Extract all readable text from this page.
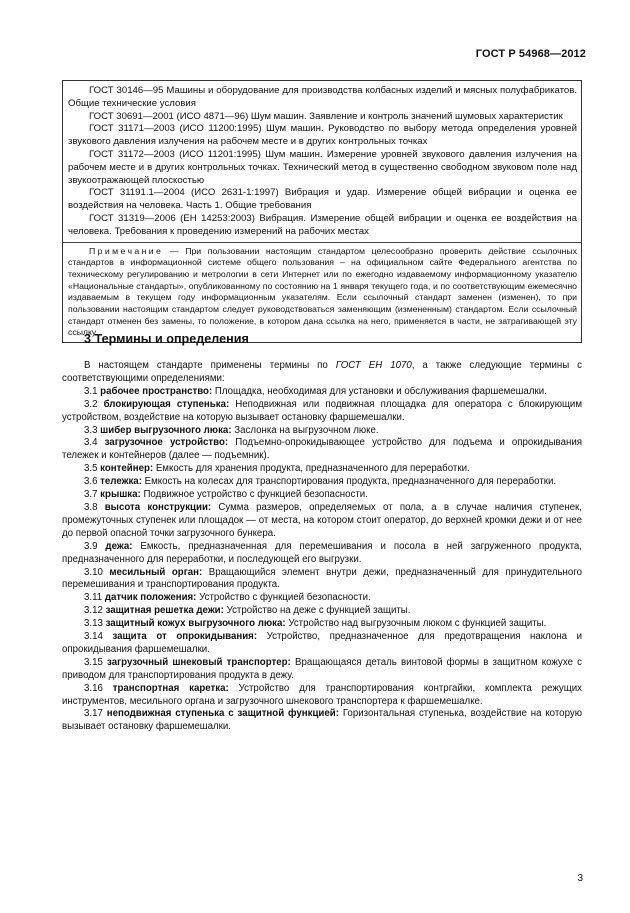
ГОСТ Р 54968—2012

ГОСТ 30146—95 Машины и оборудование для производства колбасных изделий и мясных полуфабрикатов. Общие технические условия

ГОСТ 30691—2001 (ИСО 4871—96) Шум машин. Заявление и контроль значений шумовых характеристик

ГОСТ 31171—2003 (ИСО 11200:1995) Шум машин. Руководство по выбору метода определения уровней звукового давления излучения на рабочем месте и в других контрольных точках

ГОСТ 31172—2003 (ИСО 11201:1995) Шум машин. Измерение уровней звукового давления излучения на рабочем месте и в других контрольных точках. Технический метод в существенно свободном звуковом поле над звукоотражающей плоскостью

ГОСТ 31191.1—2004 (ИСО 2631-1:1997) Вибрация и удар. Измерение общей вибрации и оценка ее воздействия на человека. Часть 1. Общие требования

ГОСТ 31319—2006 (ЕН 14253:2003) Вибрация. Измерение общей вибрации и оценка ее воздействия на человека. Требования к проведению измерений на рабочих местах

Примечание — При пользовании настоящим стандартом целесообразно проверить действие ссылочных стандартов в информационной системе общего пользования – на официальном сайте Федерального агентства по техническому регулированию и метрологии в сети Интернет или по ежегодно издаваемому информационному указателю «Национальные стандарты», опубликованному по состоянию на 1 января текущего года, и по соответствующим ежемесячно издаваемым в текущем году информационным указателям. Если ссылочный стандарт заменен (изменен), то при пользовании настоящим стандартом следует руководствоваться заменяющим (измененным) стандартом. Если ссылочный стандарт отменен без замены, то положение, в котором дана ссылка на него, применяется в части, не затрагивающей эту ссылку.

3 Термины и определения

В настоящем стандарте применены термины по ГОСТ ЕН 1070, а также следующие термины с соответствующими определениями:

3.1 рабочее пространство: Площадка, необходимая для установки и обслуживания фаршемешалки.

3.2 блокирующая ступенька: Неподвижная или подвижная площадка для оператора с блокирующим устройством, воздействие на которую вызывает остановку фаршемешалки.

3.3 шибер выгрузочного люка: Заслонка на выгрузочном люке.

3.4 загрузочное устройство: Подъемно-опрокидывающее устройство для подъема и опрокидывания тележек и контейнеров (далее — подъемник).

3.5 контейнер: Емкость для хранения продукта, предназначенного для переработки.

3.6 тележка: Емкость на колесах для транспортирования продукта, предназначенного для переработки.

3.7 крышка: Подвижное устройство с функцией безопасности.

3.8 высота конструкции: Сумма размеров, определяемых от пола, а в случае наличия ступенек, промежуточных ступенек или площадок — от места, на котором стоит оператор, до верхней кромки дежи и от нее до первой опасной точки загрузочного бункера.

3.9 дежа: Емкость, предназначенная для перемешивания и посола в ней загруженного продукта, предназначенного для переработки, и последующей его выгрузки.

3.10 месильный орган: Вращающийся элемент внутри дежи, предназначенный для принудительного перемешивания и транспортирования продукта.

3.11 датчик положения: Устройство с функцией безопасности.

3.12 защитная решетка дежи: Устройство на деже с функцией защиты.

3.13 защитный кожух выгрузочного люка: Устройство над выгрузочным люком с функцией защиты.

3.14 защита от опрокидывания: Устройство, предназначенное для предотвращения наклона и опрокидывания фаршемешалки.

3.15 загрузочный шнековый транспортер: Вращающаяся деталь винтовой формы в защитном кожухе с приводом для транспортирования продукта в дежу.

3.16 транспортная каретка: Устройство для транспортирования контргайки, комплекта режущих инструментов, месильного органа и загрузочного шнекового транспортера к фаршемешалке.

3.17 неподвижная ступенька с защитной функцией: Горизонтальная ступенька, воздействие на которую вызывает остановку фаршемешалки.

3
